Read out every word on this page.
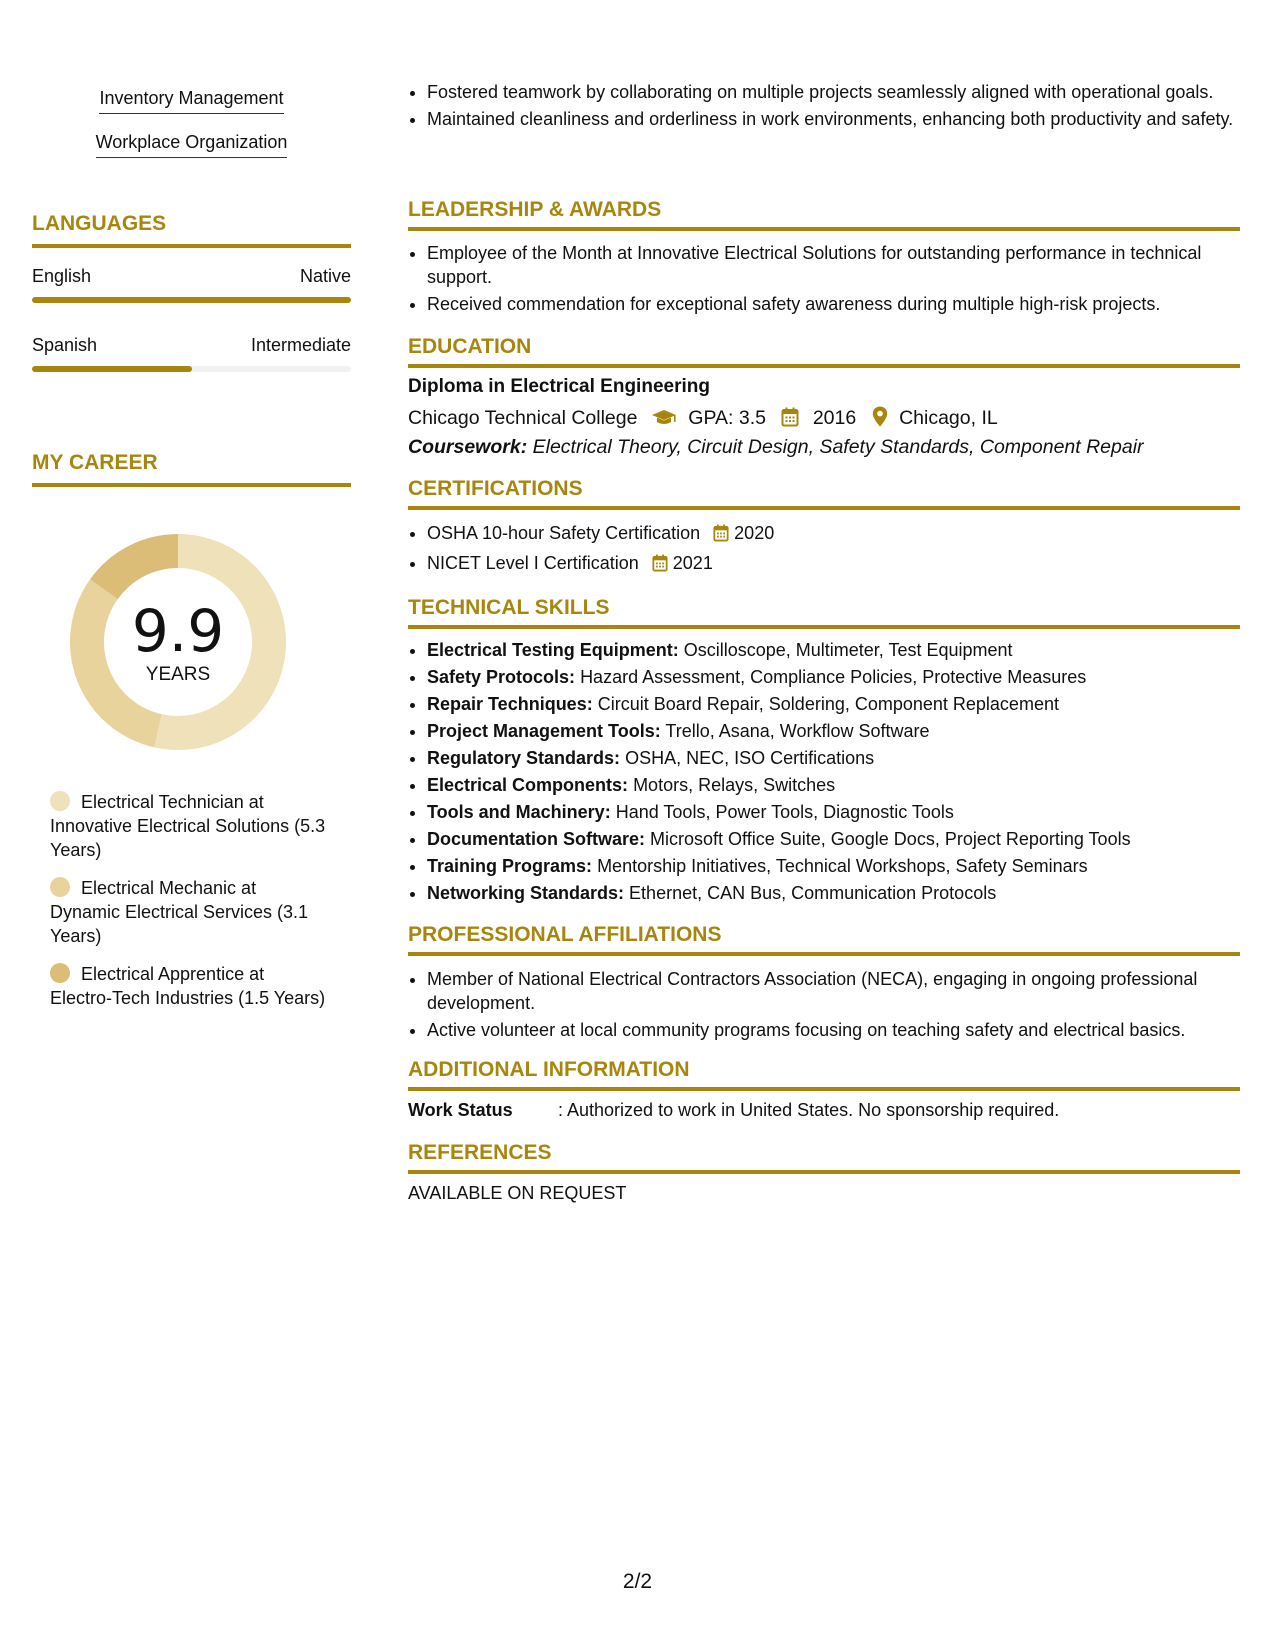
Inventory Management
Workplace Organization
LANGUAGES
English	Native
Spanish	Intermediate
MY CAREER
9.9
YEARS
Electrical Technician at Innovative Electrical Solutions (5.3 Years)
Electrical Mechanic at Dynamic Electrical Services (3.1 Years)
Electrical Apprentice at Electro-Tech Industries (1.5 Years)
• Fostered teamwork by collaborating on multiple projects seamlessly aligned with operational goals.
• Maintained cleanliness and orderliness in work environments, enhancing both productivity and safety.
LEADERSHIP & AWARDS
• Employee of the Month at Innovative Electrical Solutions for outstanding performance in technical support.
• Received commendation for exceptional safety awareness during multiple high-risk projects.
EDUCATION
Diploma in Electrical Engineering
Chicago Technical College	GPA: 3.5 2016 Chicago, IL
Coursework: Electrical Theory, Circuit Design, Safety Standards, Component Repair
CERTIFICATIONS
• OSHA 10-hour Safety Certification 2020
• NICET Level I Certification 2021
TECHNICAL SKILLS
• Electrical Testing Equipment: Oscilloscope, Multimeter, Test Equipment
• Safety Protocols: Hazard Assessment, Compliance Policies, Protective Measures
• Repair Techniques: Circuit Board Repair, Soldering, Component Replacement
• Project Management Tools: Trello, Asana, Workflow Software
• Regulatory Standards: OSHA, NEC, ISO Certifications
• Electrical Components: Motors, Relays, Switches
• Tools and Machinery: Hand Tools, Power Tools, Diagnostic Tools
• Documentation Software: Microsoft Office Suite, Google Docs, Project Reporting Tools
• Training Programs: Mentorship Initiatives, Technical Workshops, Safety Seminars
• Networking Standards: Ethernet, CAN Bus, Communication Protocols
PROFESSIONAL AFFILIATIONS
• Member of National Electrical Contractors Association (NECA), engaging in ongoing professional development.
• Active volunteer at local community programs focusing on teaching safety and electrical basics.
ADDITIONAL INFORMATION
Work Status	: Authorized to work in United States. No sponsorship required.
REFERENCES
AVAILABLE ON REQUEST
2/2
